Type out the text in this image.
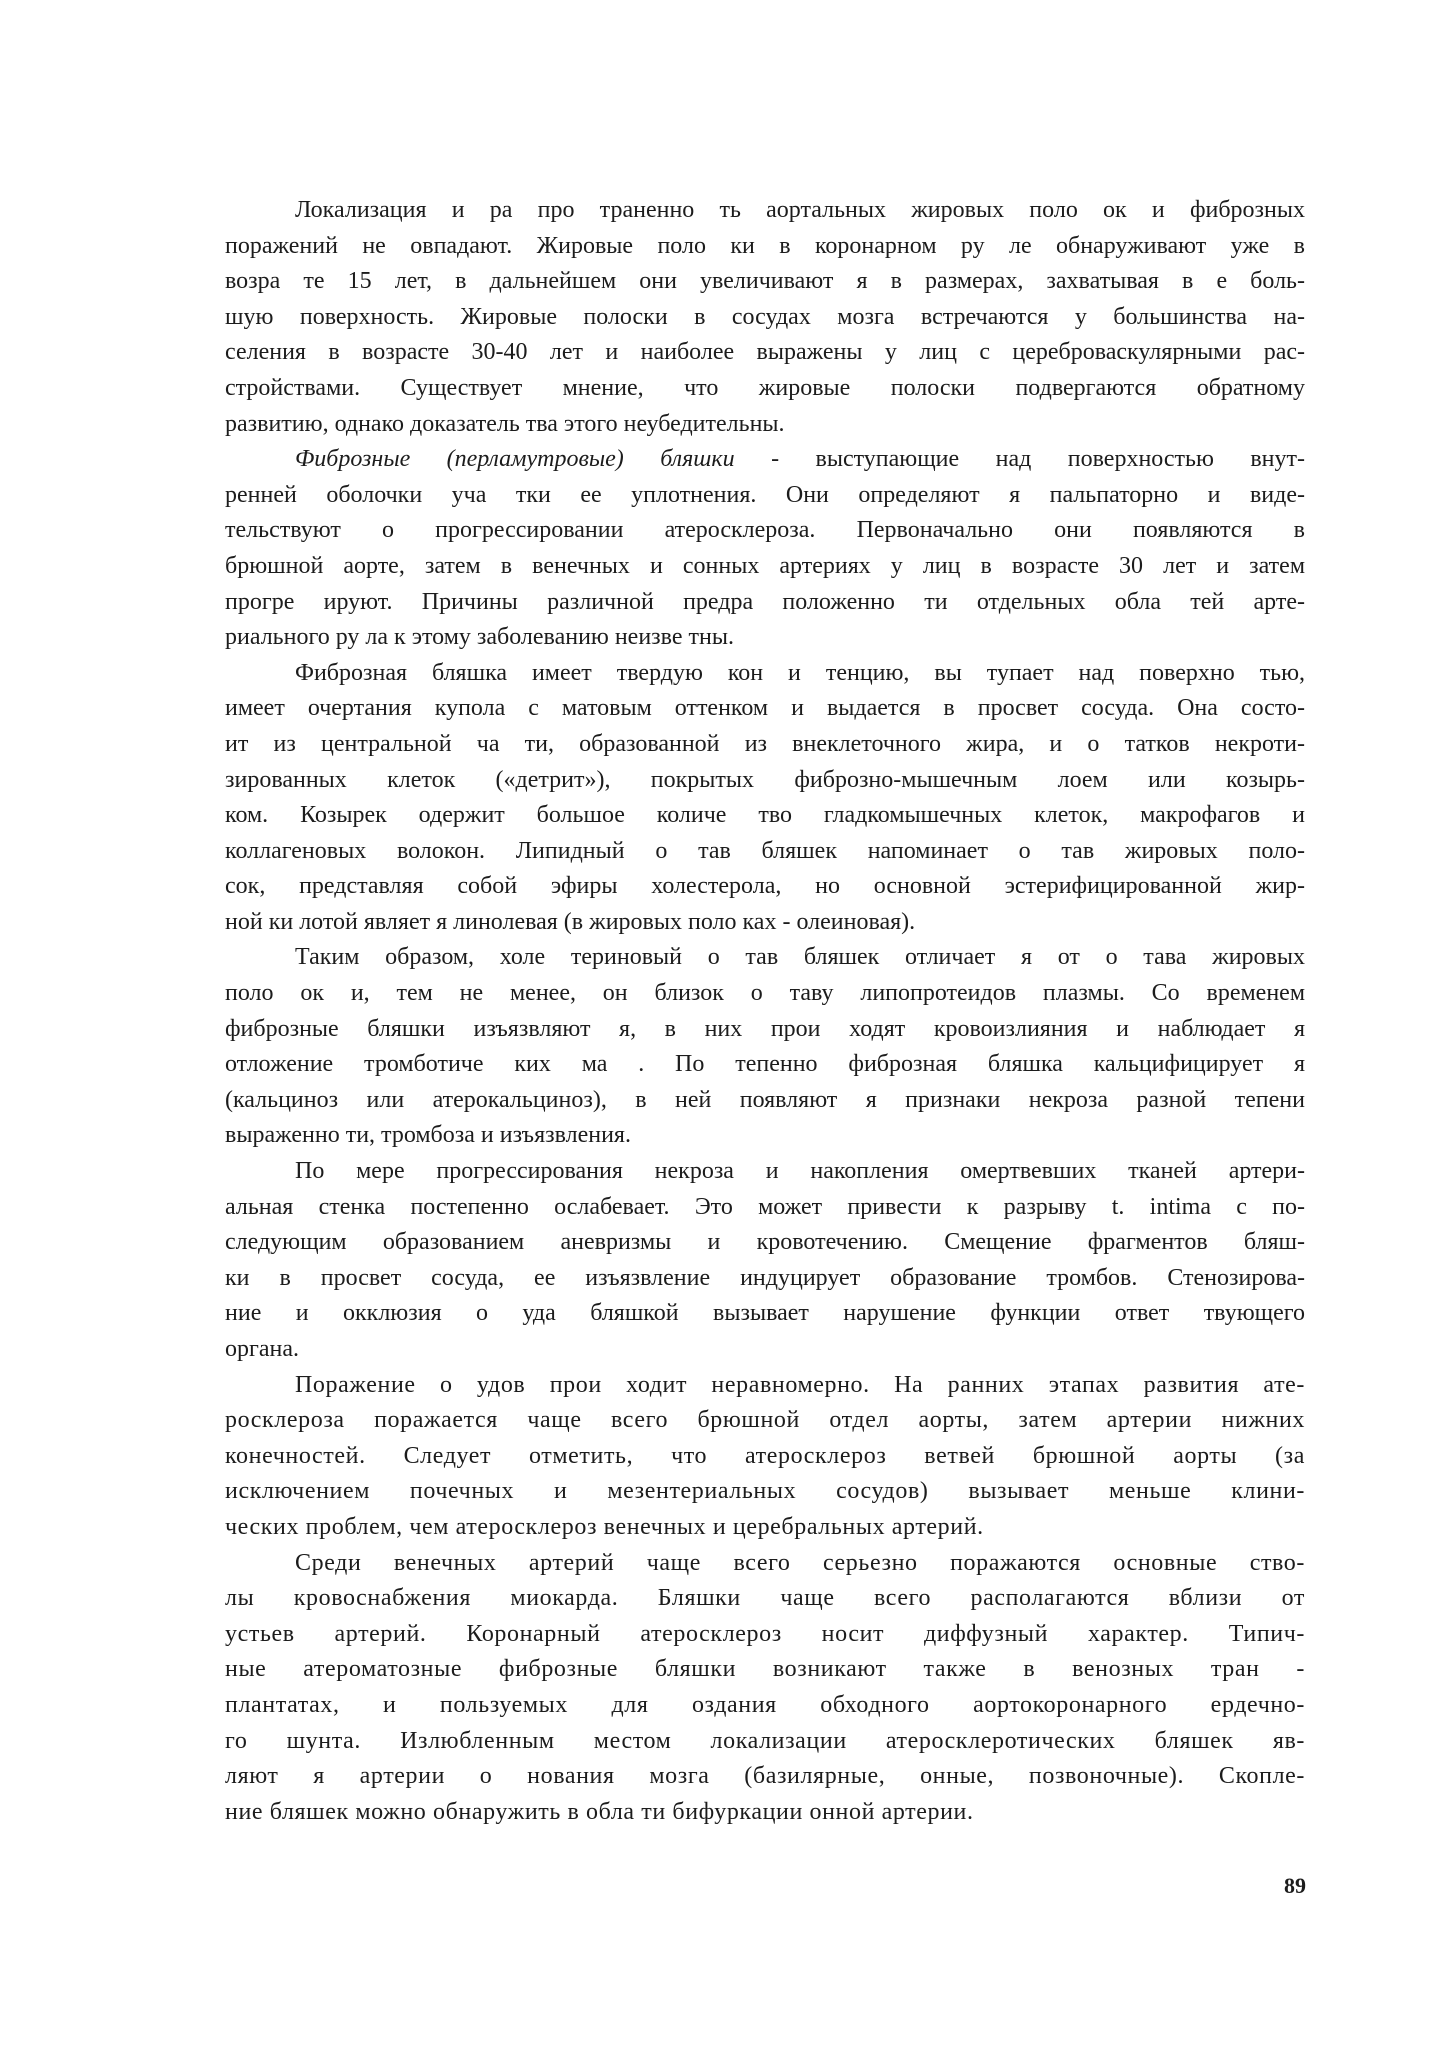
Локализация и ра про траненно ть аортальных жировых поло ок и фиброзных
поражений не овпадают. Жировые поло ки в коронарном ру ле обнаруживают уже в
возра те 15 лет, в дальнейшем они увеличивают я в размерах, захватывая в е боль-
шую поверхность. Жировые полоски в сосудах мозга встречаются у большинства на-
селения в возрасте 30-40 лет и наиболее выражены у лиц с цереброваскулярными рас-
стройствами. Существует мнение, что жировые полоски подвергаются обратному
развитию, однако доказатель тва этого неубедительны.
Фиброзные (перламутровые) бляшки - выступающие над поверхностью внут-
ренней оболочки уча тки ее уплотнения. Они определяют я пальпаторно и виде-
тельствуют о прогрессировании атеросклероза. Первоначально они появляются в
брюшной аорте, затем в венечных и сонных артериях у лиц в возрасте 30 лет и затем
прогре ируют. Причины различной предра положенно ти отдельных обла тей арте-
риального ру ла к этому заболеванию неизве тны.
Фиброзная бляшка имеет твердую кон и тенцию, вы тупает над поверхно тью,
имеет очертания купола с матовым оттенком и выдается в просвет сосуда. Она состо-
ит из центральной ча ти, образованной из внеклеточного жира, и о татков некроти-
зированных клеток («детрит»), покрытых фиброзно-мышечным лоем или козырь-
ком. Козырек одержит большое количе тво гладкомышечных клеток, макрофагов и
коллагеновых волокон. Липидный о тав бляшек напоминает о тав жировых поло-
сок, представляя собой эфиры холестерола, но основной эстерифицированной жир-
ной ки лотой являет я линолевая (в жировых поло ках - олеиновая).
Таким образом, холе териновый о тав бляшек отличает я от о тава жировых
поло ок и, тем не менее, он близок о таву липопротеидов плазмы. Со временем
фиброзные бляшки изъязвляют я, в них прои ходят кровоизлияния и наблюдает я
отложение тромботиче ких ма . По тепенно фиброзная бляшка кальцифицирует я
(кальциноз или атерокальциноз), в ней появляют я признаки некроза разной тепени
выраженно ти, тромбоза и изъязвления.
По мере прогрессирования некроза и накопления омертвевших тканей артери-
альная стенка постепенно ослабевает. Это может привести к разрыву t. intima с по-
следующим образованием аневризмы и кровотечению. Смещение фрагментов бляш-
ки в просвет сосуда, ее изъязвление индуцирует образование тромбов. Стенозирова-
ние и окклюзия о уда бляшкой вызывает нарушение функции ответ твующего
органа.
Поражение о удов прои ходит неравномерно. На ранних этапах развития ате-
росклероза поражается чаще всего брюшной отдел аорты, затем артерии нижних
конечностей. Следует отметить, что атеросклероз ветвей брюшной аорты (за
исключением почечных и мезентериальных сосудов) вызывает меньше клини-
ческих проблем, чем атеросклероз венечных и церебральных артерий.
Среди венечных артерий чаще всего серьезно поражаются основные ство-
лы кровоснабжения миокарда. Бляшки чаще всего располагаются вблизи от
устьев артерий. Коронарный атеросклероз носит диффузный характер. Типич-
ные атероматозные фиброзные бляшки возникают также в венозных тран -
плантатах, и пользуемых для оздания обходного аортокоронарного ердечно-
го шунта. Излюбленным местом локализации атеросклеротических бляшек яв-
ляют я артерии о нования мозга (базилярные, онные, позвоночные). Скопле-
ние бляшек можно обнаружить в обла ти бифуркации онной артерии.
89
